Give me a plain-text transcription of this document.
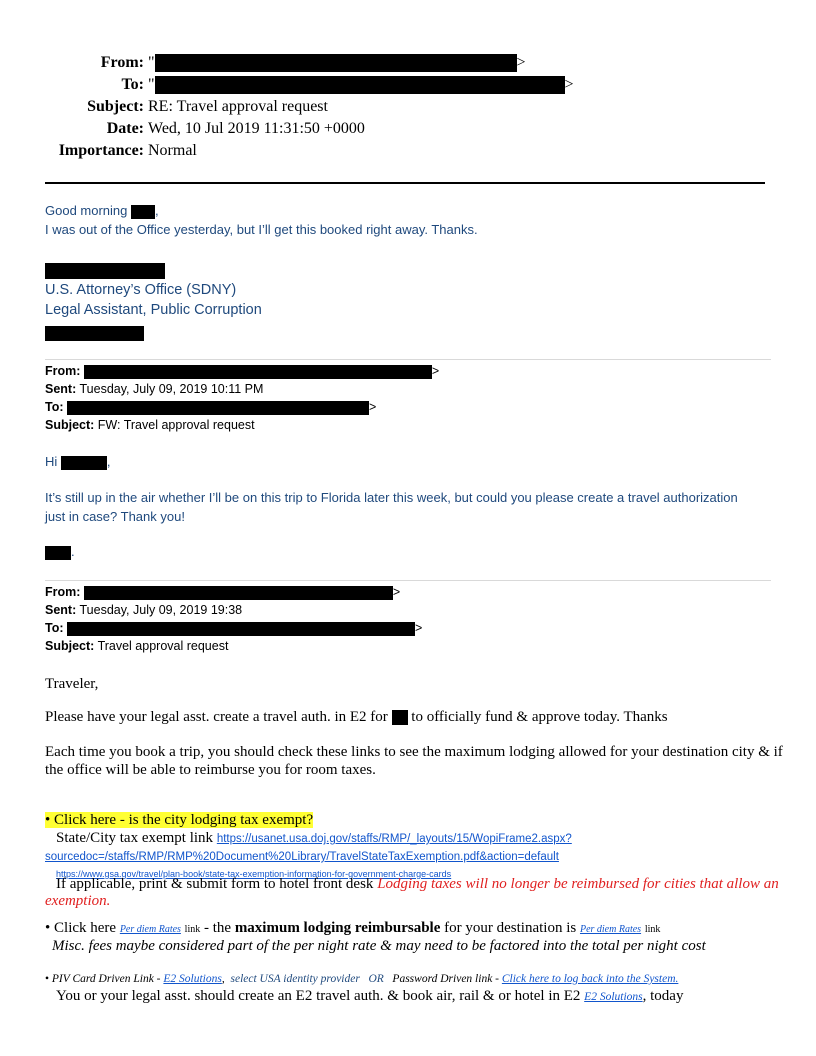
From: "	>
To: "	>
Subject: RE: Travel approval request
Date: Wed, 10 Jul 2019 11:31:50 +0000
Importance: Normal
Good morning ,
I was out of the Office yesterday, but I’ll get this booked right away. Thanks.
U.S. Attorney’s Office (SDNY)
Legal Assistant, Public Corruption
From:	>
Sent: Tuesday, July 09, 2019 10:11 PM
To:	>
Subject: FW: Travel approval request
Hi	,
It’s still up in the air whether I’ll be on this trip to Florida later this week, but could you please create a travel authorization
just in case? Thank you!
.
From:	>
Sent: Tuesday, July 09, 2019 19:38
To:	>
Subject: Travel approval request
Traveler,
Please have your legal asst. create a travel auth. in E2 for to officially fund & approve today. Thanks
Each time you book a trip, you should check these links to see the maximum lodging allowed for your destination city & if
the office will be able to reimburse you for room taxes.
• Click here - is the city lodging tax exempt?
State/City tax exempt link https://usanet.usa.doj.gov/staffs/RMP/_layouts/15/WopiFrame2.aspx?
sourcedoc=/staffs/RMP/RMP%20Document%20Library/TravelStateTaxExemption.pdf&action=default
https://www.gsa.gov/travel/plan-book/state-tax-exemption-information-for-government-charge-cards
If applicable, print & submit form to hotel front desk Lodging taxes will no longer be reimbursed for cities that allow an
exemption.
• Click here Per diem Rates link - the maximum lodging reimbursable for your destination is Per diem Rates link
Misc. fees maybe considered part of the per night rate & may need to be factored into the total per night cost
• PIV Card Driven Link - E2 Solutions, select USA identity provider OR Password Driven link - Click here to log back into the System.
You or your legal asst. should create an E2 travel auth. & book air, rail & or hotel in E2 E2 Solutions, today
